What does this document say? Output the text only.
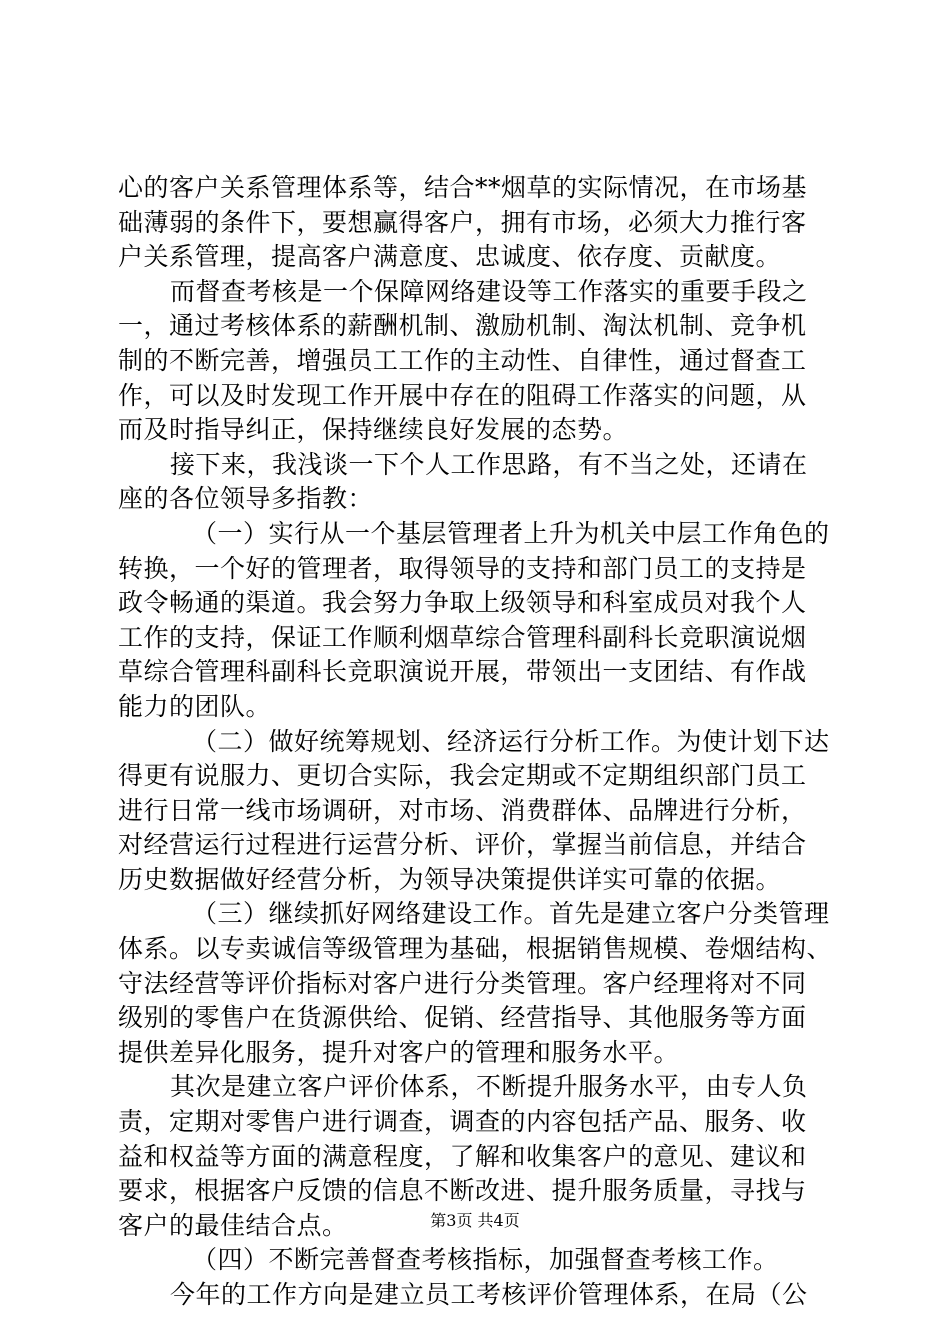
心的客户关系管理体系等，结合**烟草的实际情况，在市场基
础薄弱的条件下，要想赢得客户，拥有市场，必须大力推行客
户关系管理，提高客户满意度、忠诚度、依存度、贡献度。
而督查考核是一个保障网络建设等工作落实的重要手段之
一，通过考核体系的薪酬机制、激励机制、淘汰机制、竞争机
制的不断完善，增强员工工作的主动性、自律性，通过督查工
作，可以及时发现工作开展中存在的阻碍工作落实的问题，从
而及时指导纠正，保持继续良好发展的态势。
接下来，我浅谈一下个人工作思路，有不当之处，还请在
座的各位领导多指教：
（一）实行从一个基层管理者上升为机关中层工作角色的
转换，一个好的管理者，取得领导的支持和部门员工的支持是
政令畅通的渠道。我会努力争取上级领导和科室成员对我个人
工作的支持，保证工作顺利烟草综合管理科副科长竞职演说烟
草综合管理科副科长竞职演说开展，带领出一支团结、有作战
能力的团队。
（二）做好统筹规划、经济运行分析工作。为使计划下达
得更有说服力、更切合实际，我会定期或不定期组织部门员工
进行日常一线市场调研，对市场、消费群体、品牌进行分析，
对经营运行过程进行运营分析、评价，掌握当前信息，并结合
历史数据做好经营分析，为领导决策提供详实可靠的依据。
（三）继续抓好网络建设工作。首先是建立客户分类管理
体系。以专卖诚信等级管理为基础，根据销售规模、卷烟结构、
守法经营等评价指标对客户进行分类管理。客户经理将对不同
级别的零售户在货源供给、促销、经营指导、其他服务等方面
提供差异化服务，提升对客户的管理和服务水平。
其次是建立客户评价体系，不断提升服务水平，由专人负
责，定期对零售户进行调查，调查的内容包括产品、服务、收
益和权益等方面的满意程度，了解和收集客户的意见、建议和
要求，根据客户反馈的信息不断改进、提升服务质量，寻找与
客户的最佳结合点。
（四）不断完善督查考核指标，加强督查考核工作。
今年的工作方向是建立员工考核评价管理体系，在局（公
第3页 共4页
